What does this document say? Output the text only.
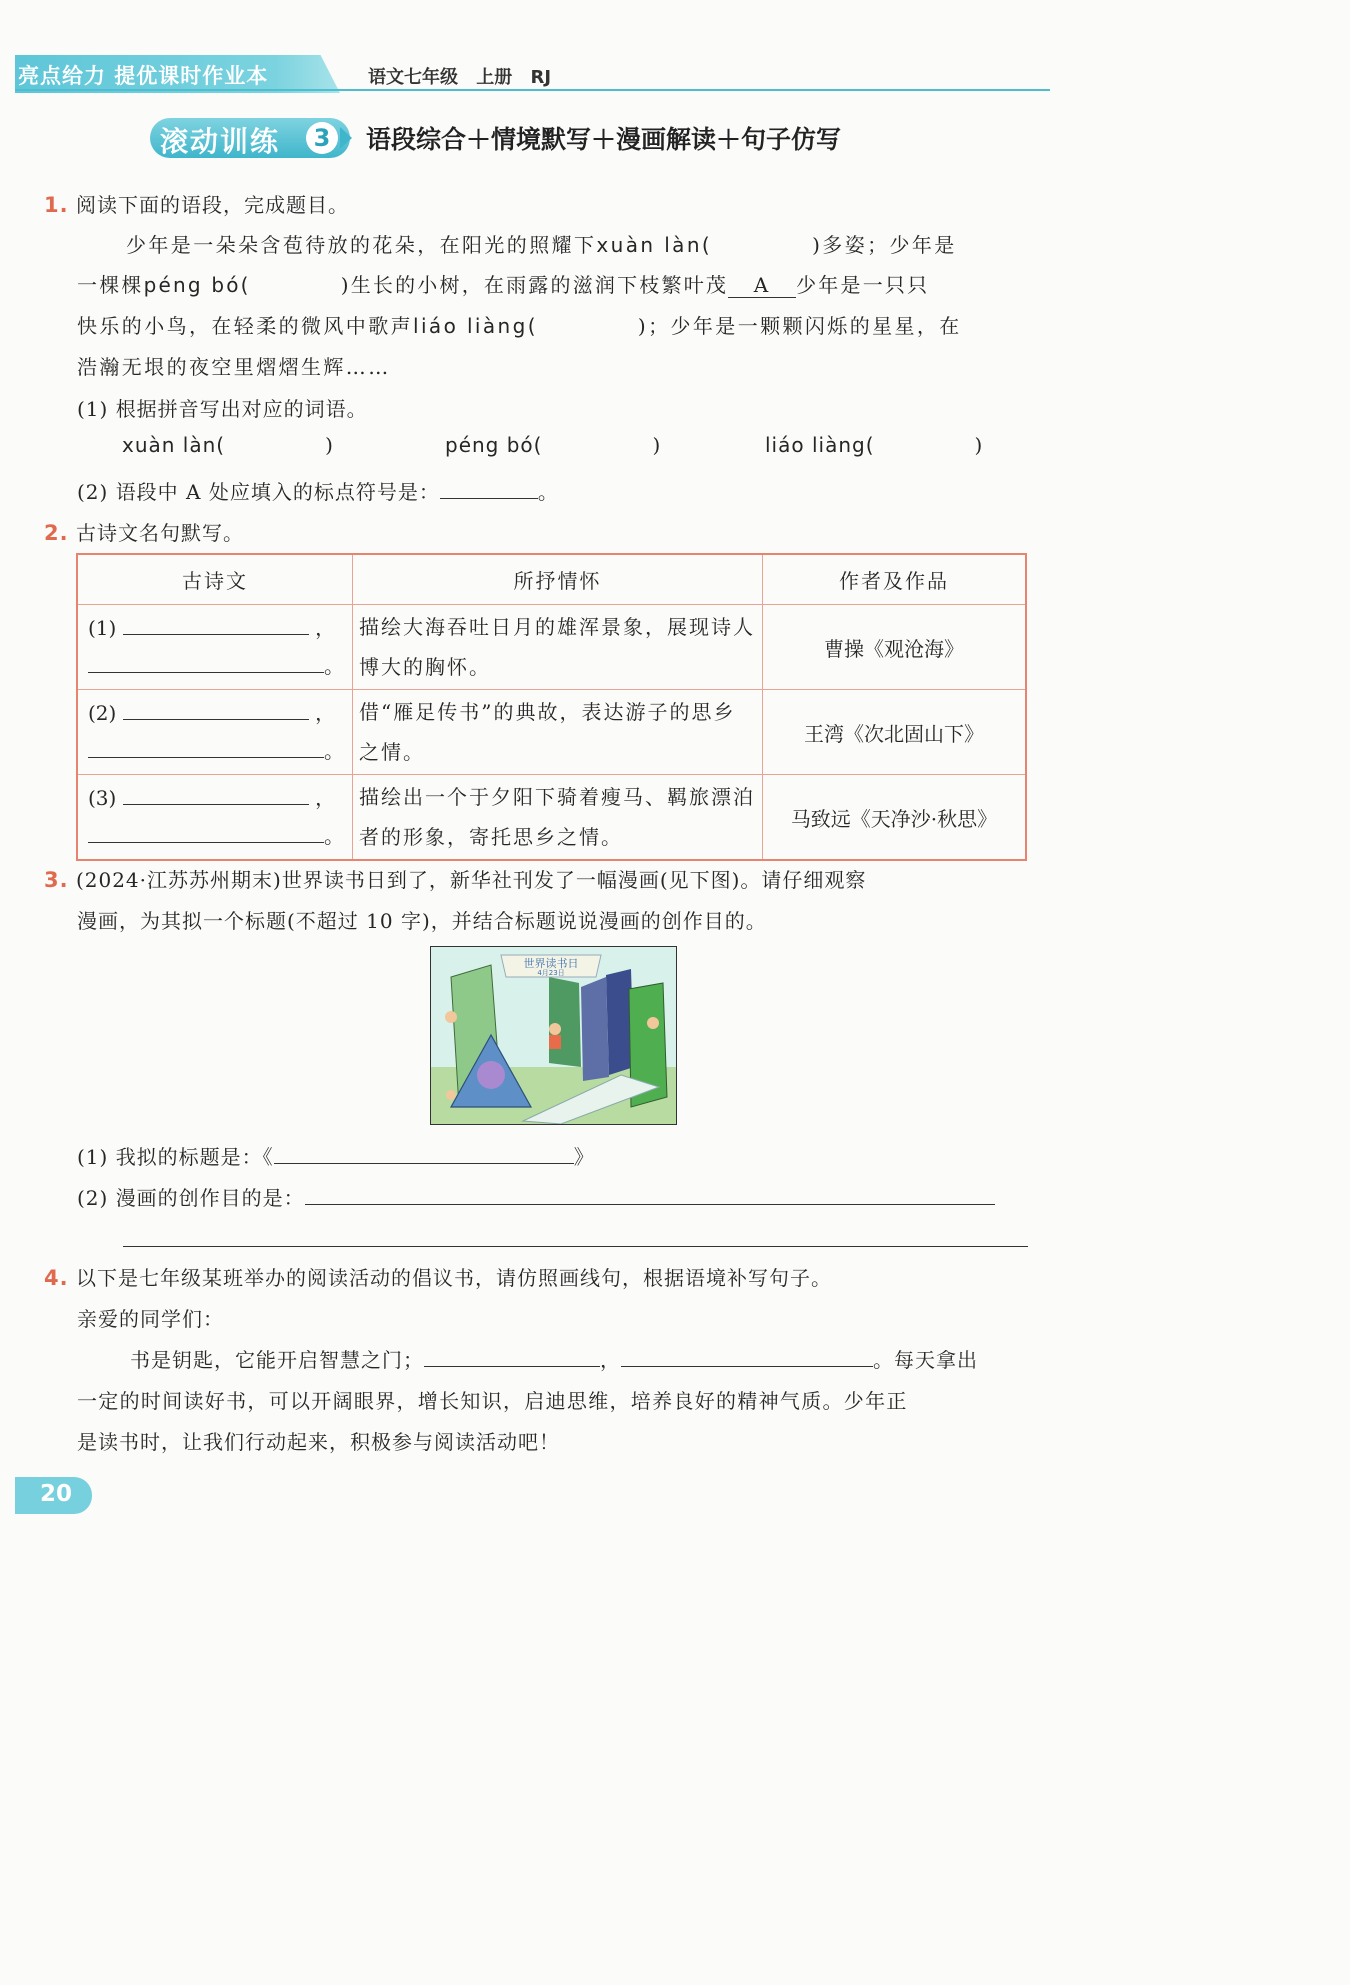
亮点给力 提优课时作业本	语文七年级 上册 RJ
滚动训练	3	语段综合＋情境默写＋漫画解读＋句子仿写
1. 阅读下面的语段，完成题目。
少年是一朵朵含苞待放的花朵，在阳光的照耀下xuàn làn(	)多姿；少年是
一棵棵péng bó(	)生长的小树，在雨露的滋润下枝繁叶茂 A 少年是一只只
快乐的小鸟，在轻柔的微风中歌声liáo liàng(	)；少年是一颗颗闪烁的星星，在
浩瀚无垠的夜空里熠熠生辉……
(1) 根据拼音写出对应的词语。
xuàn làn(	)	péng bó(	)	liáo liàng(	)
(2) 语段中 A 处应填入的标点符号是：	。
2. 古诗文名句默写。
古诗文	所抒情怀	作者及作品

(1) ，
。	描绘大海吞吐日月的雄浑景象，展现诗人博大的胸怀。	曹操《观沧海》

(2) ，
。	借“雁足传书”的典故，表达游子的思乡之情。	王湾《次北固山下》

(3) ，
。	描绘出一个于夕阳下骑着瘦马、羁旅漂泊者的形象，寄托思乡之情。	马致远《天净沙·秋思》
3. (2024·江苏苏州期末)世界读书日到了，新华社刊发了一幅漫画(见下图)。请仔细观察
漫画，为其拟一个标题(不超过 10 字)，并结合标题说说漫画的创作目的。
世界读书日
4月23日
(1) 我拟的标题是：《	》
(2) 漫画的创作目的是：
4. 以下是七年级某班举办的阅读活动的倡议书，请仿照画线句，根据语境补写句子。
亲爱的同学们：
书是钥匙，它能开启智慧之门；	，	。每天拿出
一定的时间读好书，可以开阔眼界，增长知识，启迪思维，培养良好的精神气质。少年正
是读书时，让我们行动起来，积极参与阅读活动吧！
20
